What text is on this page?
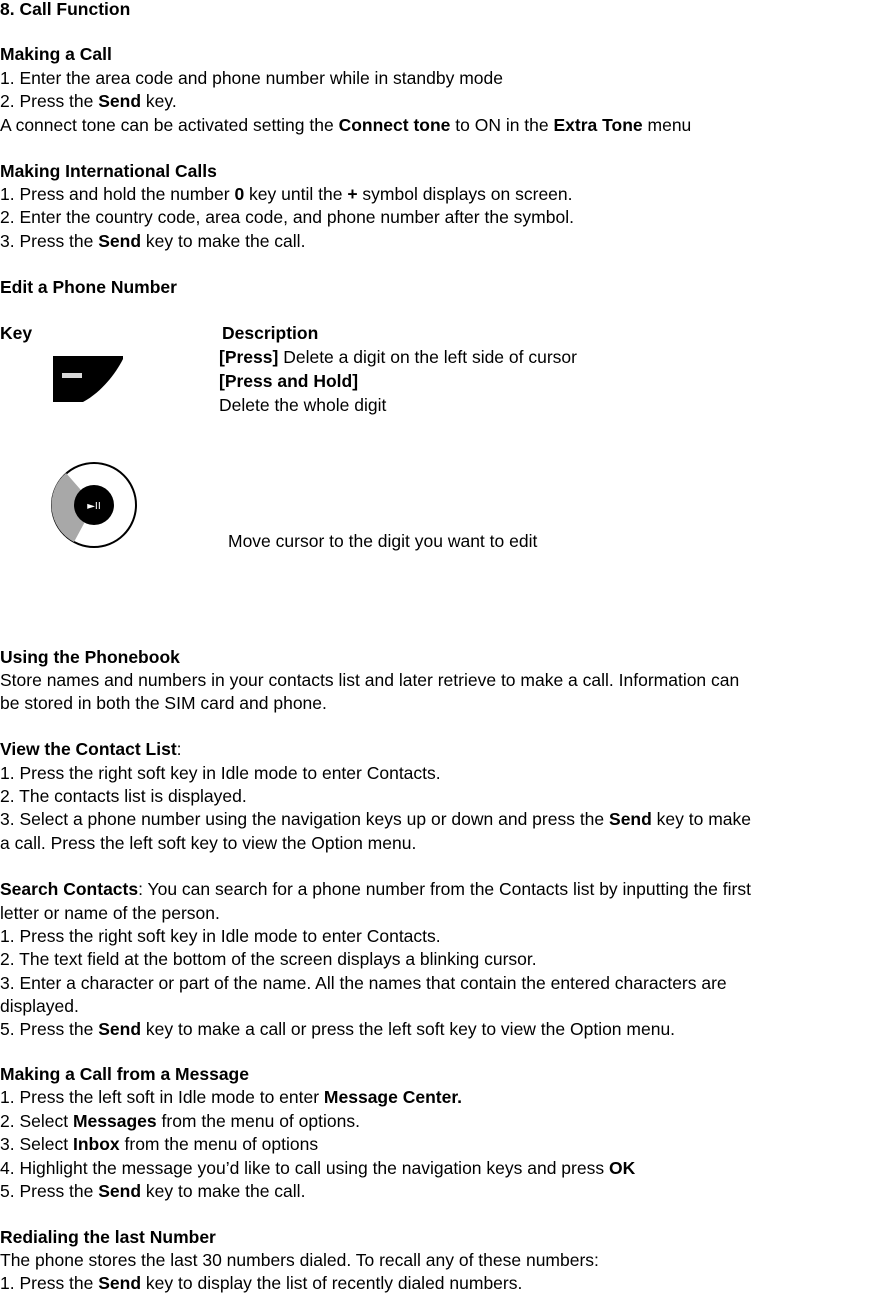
8. Call Function
Making a Call
1. Enter the area code and phone number while in standby mode
2. Press the Send key.
A connect tone can be activated setting the Connect tone to ON in the Extra Tone menu
Making International Calls
1. Press and hold the number 0 key until the + symbol displays on screen.
2. Enter the country code, area code, and phone number after the symbol.
3. Press the Send key to make the call.
Edit a Phone Number
Key	Description
[Press] Delete a digit on the left side of cursor
[Press and Hold]
Delete the whole digit
►II
Move cursor to the digit you want to edit
Using the Phonebook
Store names and numbers in your contacts list and later retrieve to make a call. Information can
be stored in both the SIM card and phone.
View the Contact List:
1. Press the right soft key in Idle mode to enter Contacts.
2. The contacts list is displayed.
3. Select a phone number using the navigation keys up or down and press the Send key to make
a call. Press the left soft key to view the Option menu.
Search Contacts: You can search for a phone number from the Contacts list by inputting the first
letter or name of the person.
1. Press the right soft key in Idle mode to enter Contacts.
2. The text field at the bottom of the screen displays a blinking cursor.
3. Enter a character or part of the name. All the names that contain the entered characters are
displayed.
5. Press the Send key to make a call or press the left soft key to view the Option menu.
Making a Call from a Message
1. Press the left soft in Idle mode to enter Message Center.
2. Select Messages from the menu of options.
3. Select Inbox from the menu of options
4. Highlight the message you’d like to call using the navigation keys and press OK
5. Press the Send key to make the call.
Redialing the last Number
The phone stores the last 30 numbers dialed. To recall any of these numbers:
1. Press the Send key to display the list of recently dialed numbers.
